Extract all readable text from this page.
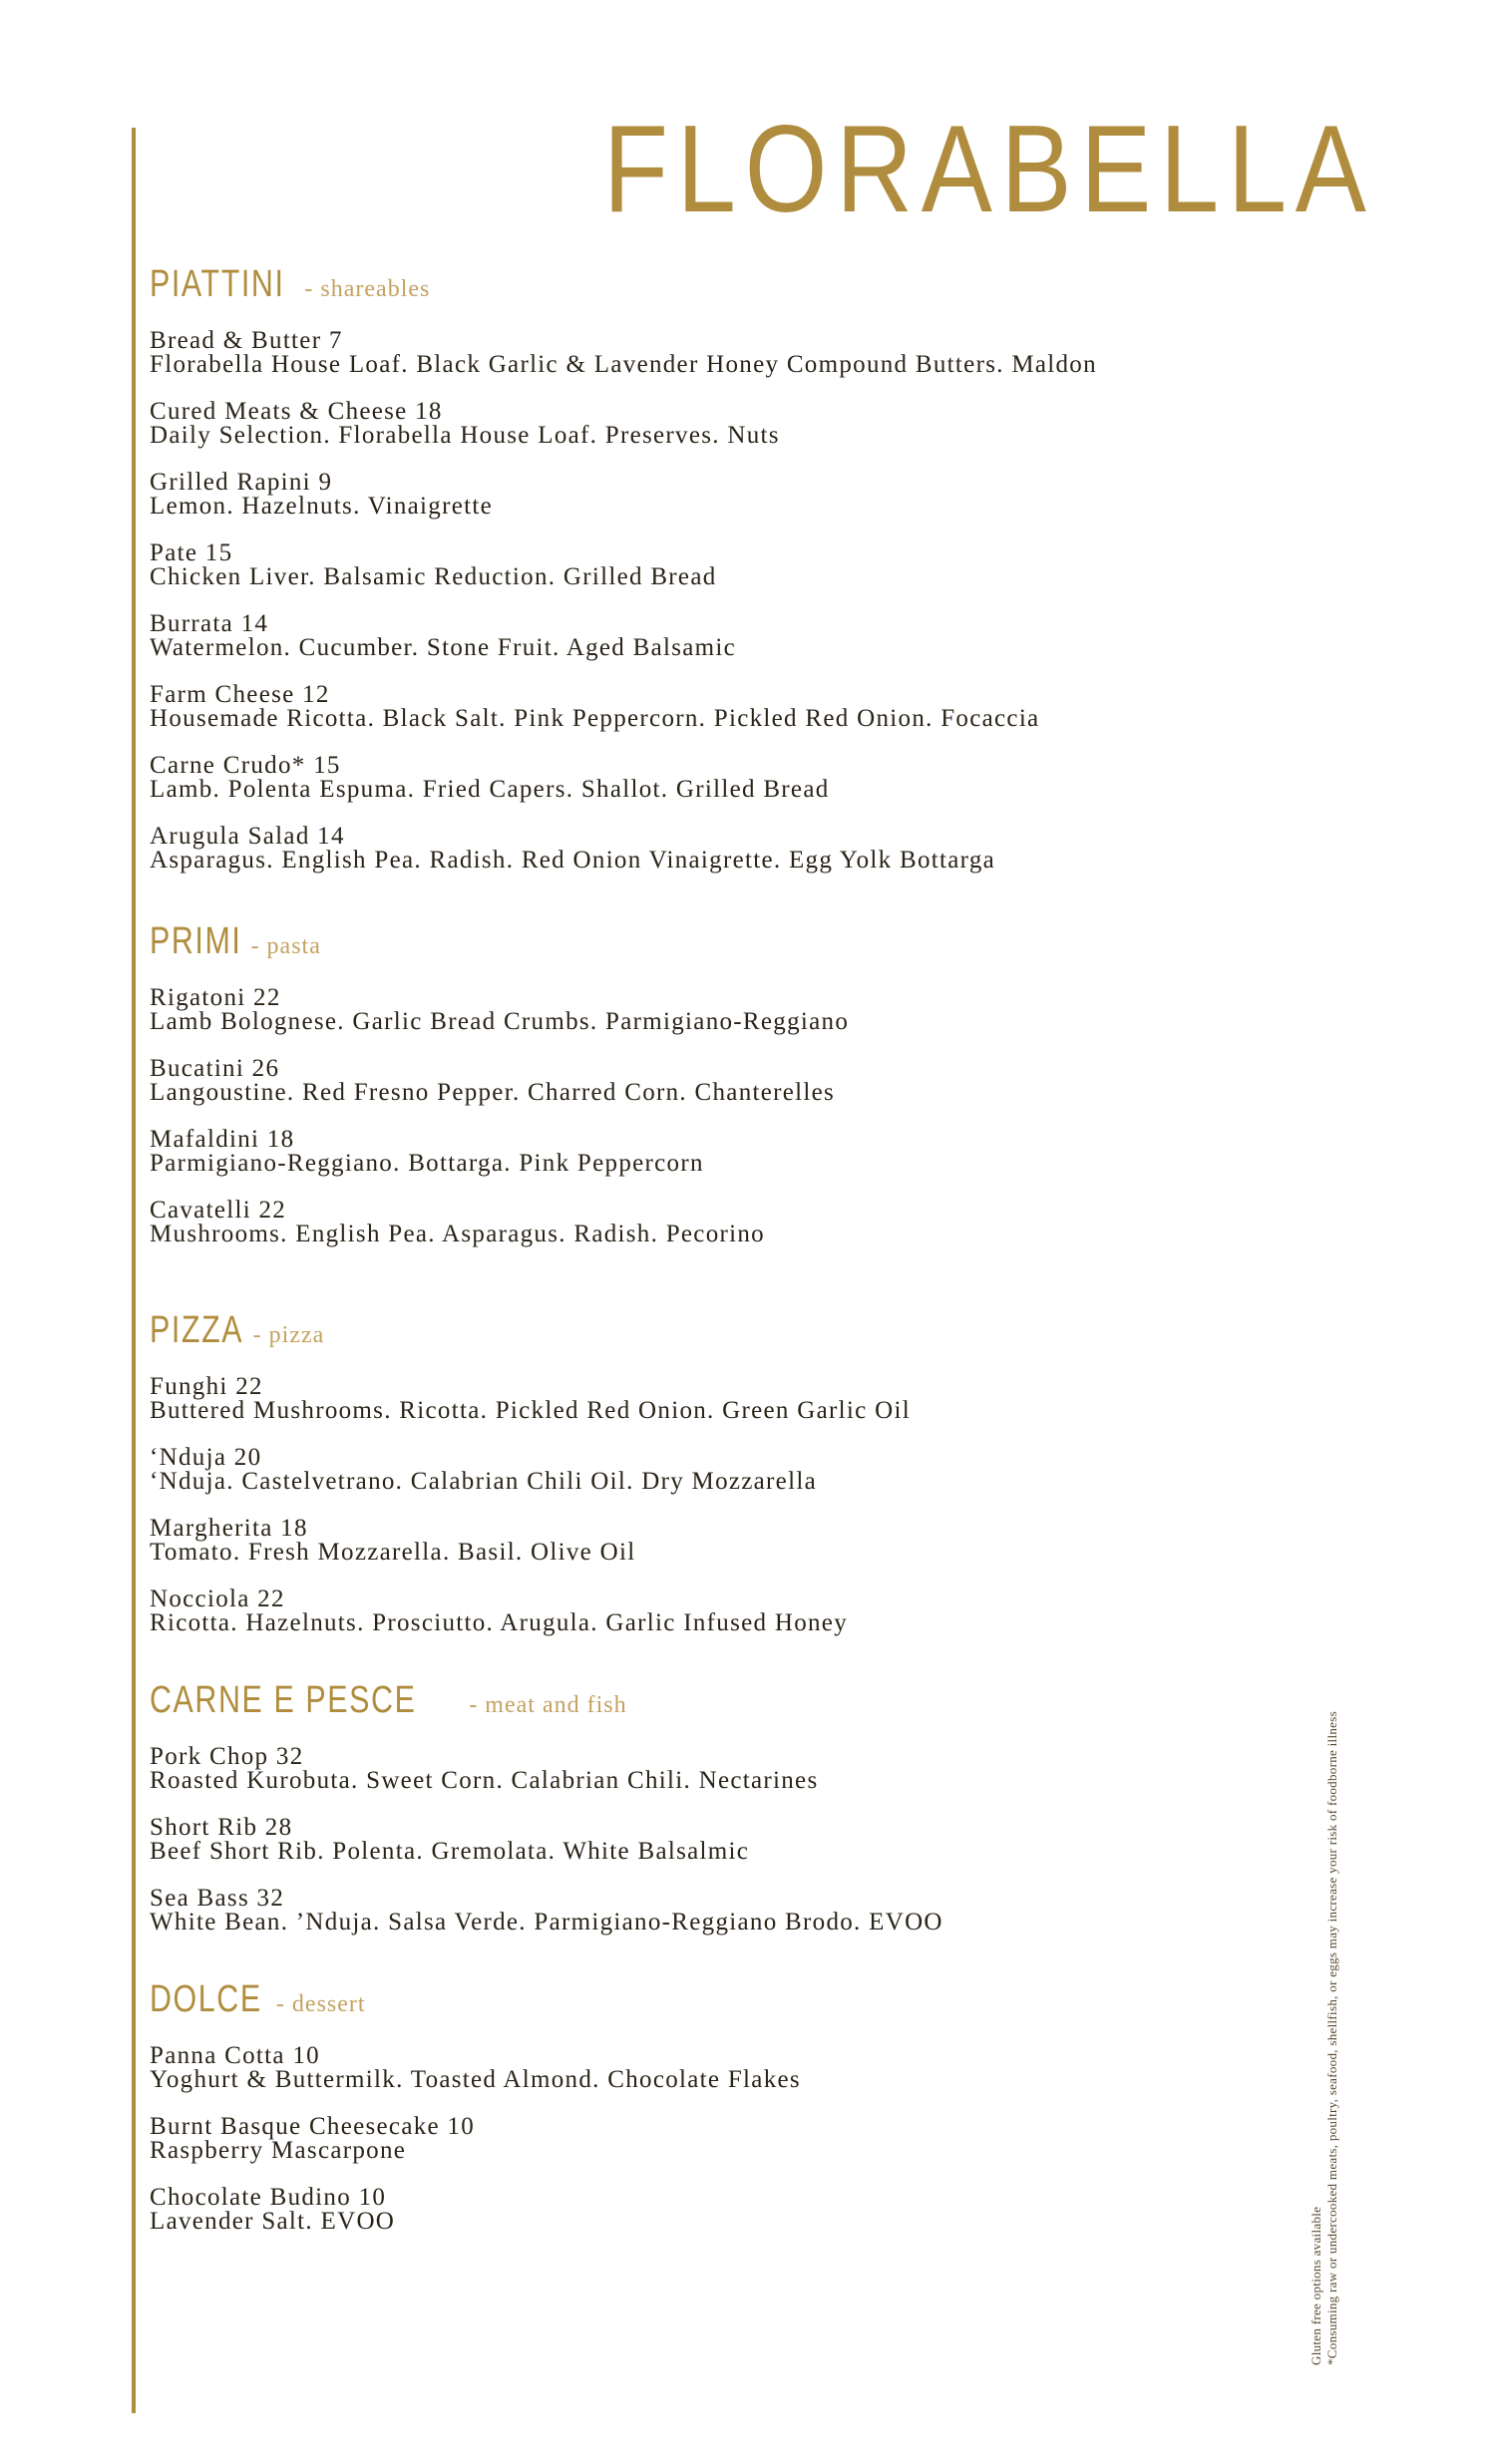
FLORABELLA
PIATTINI - shareables
Bread & Butter 7
Florabella House Loaf. Black Garlic & Lavender Honey Compound Butters. Maldon
Cured Meats & Cheese 18
Daily Selection. Florabella House Loaf. Preserves. Nuts
Grilled Rapini 9
Lemon. Hazelnuts. Vinaigrette
Pate 15
Chicken Liver. Balsamic Reduction. Grilled Bread
Burrata 14
Watermelon. Cucumber. Stone Fruit. Aged Balsamic
Farm Cheese 12
Housemade Ricotta. Black Salt. Pink Peppercorn. Pickled Red Onion. Focaccia
Carne Crudo* 15
Lamb. Polenta Espuma. Fried Capers. Shallot. Grilled Bread
Arugula Salad 14
Asparagus. English Pea. Radish. Red Onion Vinaigrette. Egg Yolk Bottarga
PRIMI - pasta
Rigatoni 22
Lamb Bolognese. Garlic Bread Crumbs. Parmigiano-Reggiano
Bucatini 26
Langoustine. Red Fresno Pepper. Charred Corn. Chanterelles
Mafaldini 18
Parmigiano-Reggiano. Bottarga. Pink Peppercorn
Cavatelli 22
Mushrooms. English Pea. Asparagus. Radish. Pecorino
PIZZA - pizza
Funghi 22
Buttered Mushrooms. Ricotta. Pickled Red Onion. Green Garlic Oil
‘Nduja 20
‘Nduja. Castelvetrano. Calabrian Chili Oil. Dry Mozzarella
Margherita 18
Tomato. Fresh Mozzarella. Basil. Olive Oil
Nocciola 22
Ricotta. Hazelnuts. Prosciutto. Arugula. Garlic Infused Honey
CARNE E PESCE - meat and fish
Pork Chop 32
Roasted Kurobuta. Sweet Corn. Calabrian Chili. Nectarines
Short Rib 28
Beef Short Rib. Polenta. Gremolata. White Balsalmic
Sea Bass 32
White Bean. ’Nduja. Salsa Verde. Parmigiano-Reggiano Brodo. EVOO
DOLCE - dessert
Panna Cotta 10
Yoghurt & Buttermilk. Toasted Almond. Chocolate Flakes
Burnt Basque Cheesecake 10
Raspberry Mascarpone
Chocolate Budino 10
Lavender Salt. EVOO	Gluten free options available *Consuming raw or undercooked meats, poultry, seafood, shellfish, or eggs may increase your risk of foodborne illness
